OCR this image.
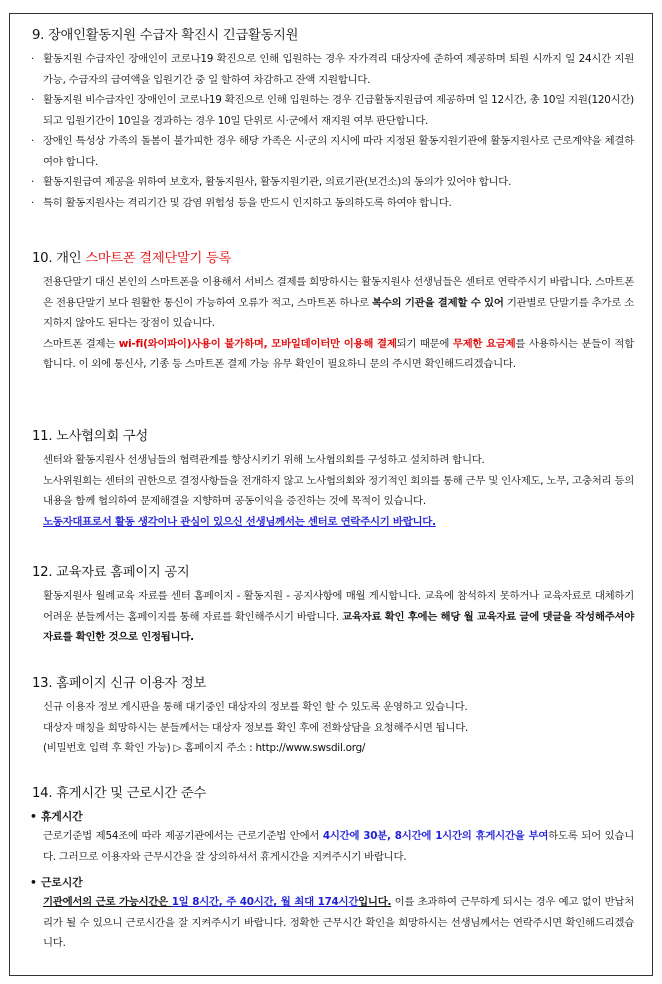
9. 장애인활동지원 수급자 확진시 긴급활동지원
· 활동지원 수급자인 장애인이 코로나19 확진으로 인해 입원하는 경우 자가격리 대상자에 준하여 제공하며 퇴원 시까지 일 24시간 지원 가능, 수급자의 급여액을 입원기간 중 일 할하여 차감하고 잔액 지원합니다.
· 활동지원 비수급자인 장애인이 코로나19 확진으로 인해 입원하는 경우 긴급활동지원급여 제공하며 일 12시간, 총 10일 지원(120시간)되고 입원기간이 10일을 경과하는 경우 10일 단위로 시·군에서 재지원 여부 판단합니다.
· 장애인 특성상 가족의 돌봄이 불가피한 경우 해당 가족은 시·군의 지시에 따라 지정된 활동지원기관에 활동지원사로 근로계약을 체결하여야 합니다.
· 활동지원급여 제공을 위하여 보호자, 활동지원사, 활동지원기관, 의료기관(보건소)의 동의가 있어야 합니다.
· 특히 활동지원사는 격리기간 및 감염 위험성 등을 반드시 인지하고 동의하도록 하여야 합니다.
10. 개인 스마트폰 결제단말기 등록
전용단말기 대신 본인의 스마트폰을 이용해서 서비스 결제를 희망하시는 활동지원사 선생님들은 센터로 연락주시기 바랍니다. 스마트폰은 전용단말기 보다 원활한 통신이 가능하여 오류가 적고, 스마트폰 하나로 복수의 기관을 결제할 수 있어 기관별로 단말기를 추가로 소지하지 않아도 된다는 장점이 있습니다.
스마트폰 결제는 wi-fi(와이파이)사용이 불가하며, 모바일데이터만 이용해 결제되기 때문에 무제한 요금제를 사용하시는 분들이 적합합니다. 이 외에 통신사, 기종 등 스마트폰 결제 가능 유무 확인이 필요하니 문의 주시면 확인해드리겠습니다.
11. 노사협의회 구성
센터와 활동지원사 선생님들의 협력관계를 향상시키기 위해 노사협의회를 구성하고 설치하려 합니다.
노사위원회는 센터의 권한으로 결정사항들을 전개하지 않고 노사협의회와 정기적인 회의를 통해 근무 및 인사제도, 노무, 고충처리 등의 내용을 함께 협의하여 문제해결을 지향하며 공동이익을 증진하는 것에 목적이 있습니다.
노동자대표로서 활동 생각이나 관심이 있으신 선생님께서는 센터로 연락주시기 바랍니다.
12. 교육자료 홈페이지 공지
활동지원사 월례교육 자료를 센터 홈페이지 - 활동지원 - 공지사항에 매월 게시합니다. 교육에 참석하지 못하거나 교육자료로 대체하기 어려운 분들께서는 홈페이지를 통해 자료를 확인해주시기 바랍니다. 교육자료 확인 후에는 해당 월 교육자료 글에 댓글을 작성해주셔야 자료를 확인한 것으로 인정됩니다.
13. 홈페이지 신규 이용자 정보
신규 이용자 정보 게시판을 통해 대기중인 대상자의 정보를 확인 할 수 있도록 운영하고 있습니다.
대상자 매칭을 희망하시는 분들께서는 대상자 정보를 확인 후에 전화상담을 요청해주시면 됩니다.
(비밀번호 입력 후 확인 가능) ▷ 홈페이지 주소 : http://www.swsdil.org/
14. 휴게시간 및 근로시간 준수
• 휴게시간
근로기준법 제54조에 따라 제공기관에서는 근로기준법 안에서 4시간에 30분, 8시간에 1시간의 휴게시간을 부여하도록 되어 있습니다. 그러므로 이용자와 근무시간을 잘 상의하셔서 휴게시간을 지켜주시기 바랍니다.
• 근로시간
기관에서의 근로 가능시간은 1일 8시간, 주 40시간, 월 최대 174시간입니다. 이를 초과하여 근무하게 되시는 경우 예고 없이 반납처리가 될 수 있으니 근로시간을 잘 지켜주시기 바랍니다. 정확한 근무시간 확인을 희망하시는 선생님께서는 연락주시면 확인해드리겠습니다.
